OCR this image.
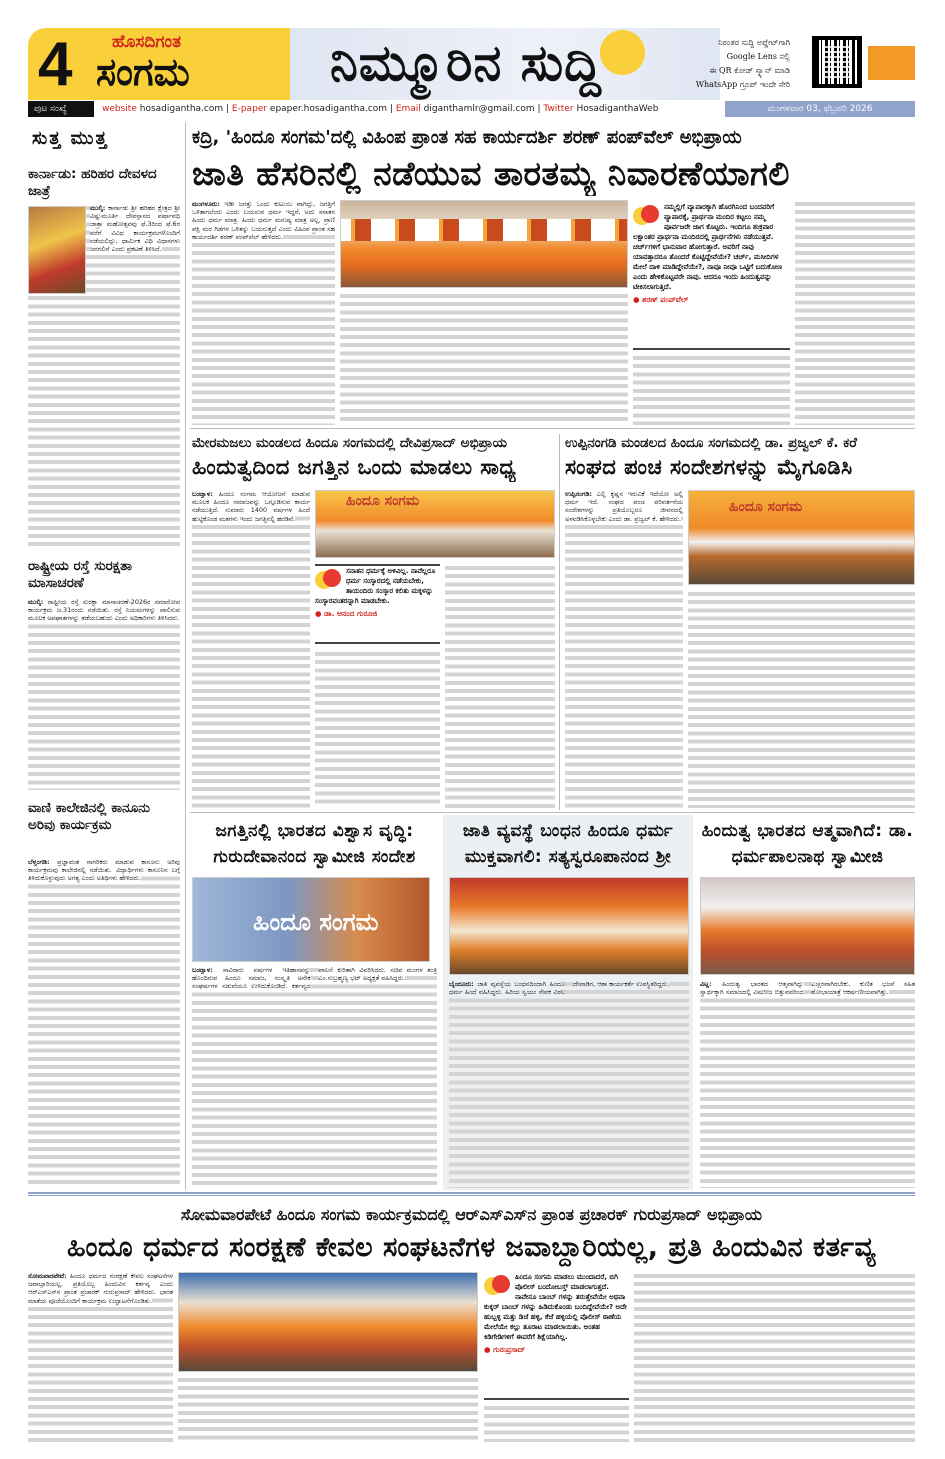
4 ಹೊಸದಿಗಂತ
ಸಂಗಮ	ನಿಮ್ಮೂರಿನ ಸುದ್ದಿ	ನಿರಂತರ ಸುದ್ದಿ ಅಪ್ಡೇಟ್‌ಗಾಗಿ
Google Lens ನಲ್ಲಿ
ಈ QR ಕೋಡ್ ಸ್ಕ್ಯಾನ್ ಮಾಡಿ
WhatsApp ಗ್ರೂಪ್ ಇಂದೇ ಸೇರಿ
ಪುಟ ಸಂಖ್ಯೆ	website hosadigantha.com | E-paper epaper.hosadigantha.com | Email diganthamlr@gmail.com | Twitter HosadiganthaWeb	ಮಂಗಳವಾರ 03, ಫೆಬ್ರವರಿ 2026
ಸುತ್ತ ಮುತ್ತ
ಕಾರ್ನಾಡು: ಹರಿಹರ ದೇವಳದ ಜಾತ್ರೆ
ಮುಲ್ಕಿ: ಕಾರ್ನಾಡು ಶ್ರೀ ಹರಿಹರ ಕ್ಷೇತ್ರದ ಶ್ರೀ ವಿಷ್ಣುಮೂರ್ತಿ ದೇವಸ್ಥಾನದ ವರ್ಷಾವಧಿ ಜಾತ್ರಾ ಮಹೋತ್ಸವವು ಫೆ.3ರಿಂದ ಫೆ.6ರ ವರೆಗೆ ವಿವಿಧ ಕಾರ್ಯಕ್ರಮಗಳೊಂದಿಗೆ ನಡೆಯಲಿದ್ದು, ಧಾರ್ಮಿಕ ವಿಧಿ ವಿಧಾನಗಳು ಜರಗಲಿವೆ ಎಂದು ಪ್ರಕಟಣೆ ತಿಳಿಸಿದೆ.
ರಾಷ್ಟ್ರೀಯ ರಸ್ತೆ ಸುರಕ್ಷತಾ ಮಾಸಾಚರಣೆ
ಮುಲ್ಕಿ: ರಾಷ್ಟ್ರೀಯ ರಸ್ತೆ ಸುರಕ್ಷಾ ಮಾಸಾಚರಣೆ-2026ರ ಸಮಾರೋಪ ಕಾರ್ಯಕ್ರಮ ಜ.31ರಂದು ನಡೆಯಿತು. ರಸ್ತೆ ನಿಯಮಗಳನ್ನು ಪಾಲಿಸುವ ಮೂಲಕ ಅಪಘಾತಗಳನ್ನು ತಡೆಯಬಹುದು ಎಂದು ಅಧಿಕಾರಿಗಳು ತಿಳಿಸಿದರು.
ವಾಣಿ ಕಾಲೇಜಿನಲ್ಲಿ ಕಾನೂನು ಅರಿವು ಕಾರ್ಯಕ್ರಮ
ಬೆಳ್ತಂಗಡಿ: ಪ್ರಜ್ಞಾವಂತ ನಾಗರಿಕರು ಮಾಡುವ ಕಾನೂನು ಅರಿವು ಕಾರ್ಯಕ್ರಮವು ಕಾಲೇಜಿನಲ್ಲಿ ನಡೆಯಿತು. ವಿದ್ಯಾರ್ಥಿಗಳು ಕಾನೂನಿನ ಬಗ್ಗೆ ತಿಳಿದುಕೊಳ್ಳುವುದು ಅಗತ್ಯ ಎಂದು ಅತಿಥಿಗಳು ಹೇಳಿದರು.
ಕದ್ರಿ, 'ಹಿಂದೂ ಸಂಗಮ'ದಲ್ಲಿ ವಿಹಿಂಪ ಪ್ರಾಂತ ಸಹ ಕಾರ್ಯದರ್ಶಿ ಶರಣ್ ಪಂಪ್‌ವೆಲ್ ಅಭಿಪ್ರಾಯ
ಜಾತಿ ಹೆಸರಿನಲ್ಲಿ ನಡೆಯುವ ತಾರತಮ್ಯ ನಿವಾರಣೆಯಾಗಲಿ
ಮಂಗಳೂರು: ಇಡೀ ಜಗತ್ತು ಒಂದು ಕುಟುಂಬ ವಾಗಿದ್ದು, ಜಗತ್ತಿಗೆ ಒಳಿತಾಗಲೆಂದು ಎಂದು ಬಯಸುವ ಧರ್ಮ ಇದ್ದರೆ, ಅದು ಸನಾತನ ಹಿಂದು ಧರ್ಮ ಮಾತ್ರ. ಹಿಂದು ಧರ್ಮ ಮನುಷ್ಯ ಮಾತ್ರ ಅಲ್ಲ, ಪ್ರಾಣಿ ಪಕ್ಷಿ ಮರ ಗಿಡಗಳ ಒಳಿತನ್ನು ಬಯಸುತ್ತದೆ ಎಂದು ವಿಹಿಂಪ ಪ್ರಾಂತ ಸಹ ಕಾರ್ಯದರ್ಶಿ ಶರಣ್ ಪಂಪ್‌ವೆಲ್ ಹೇಳಿದರು.
ನಮ್ಮಲ್ಲಿಗೆ ವ್ಯಾಪಾರಕ್ಕಾಗಿ ಹೊರಗಿನಿಂದ ಬಂದವರಿಗೆ ವ್ಯಾಪಾರಕ್ಕೆ, ಪ್ರಾರ್ಥನಾ ಮಂದಿರ ಕಟ್ಟಲು ನಮ್ಮ ಪೂರ್ವಜರೇ ಜಾಗ ಕೊಟ್ಟರು. ಇಂದಿಗೂ ಶುಕ್ರವಾರ ಲಕ್ಷಾಂತರ ಪ್ರಾರ್ಥನಾ ಮಂದಿರದಲ್ಲಿ ಪ್ರಾರ್ಥನೆಗಳು ನಡೆಯುತ್ತವೆ. ಚರ್ಚ್‌ಗಳಿಗೆ ಭಾನುವಾರ ಹೋಗುತ್ತಾರೆ. ಅವರಿಗೆ ನಾವು ಯಾವತ್ತಾದರೂ ತೊಂದರೆ ಕೊಟ್ಟಿದ್ದೇವೆಯೇ? ಚರ್ಚ್, ಮಸೀದಿಗಳ ಮೇಲೆ ದಾಳಿ ಮಾಡಿದ್ದೇವೆಯೇ?, ನಾವೂ ನೀವೂ ಒಟ್ಟಿಗೆ ಬದುಕೋಣ ಎಂದು ಹೇಳಿಕೊಟ್ಟವರೇ ನಾವು. ಆದರೂ ಇಂದು ಹಿಂದುತ್ವವನ್ನು ಟೀಕಿಸಲಾಗುತ್ತಿದೆ.
● ಶರಣ್ ಪಂಪ್‌ವೆಲ್
ಮೇರಮಜಲು ಮಂಡಲದ ಹಿಂದೂ ಸಂಗಮದಲ್ಲಿ ದೇವಿಪ್ರಸಾದ್ ಅಭಿಪ್ರಾಯ
ಹಿಂದುತ್ವದಿಂದ ಜಗತ್ತಿನ ಒಂದು ಮಾಡಲು ಸಾಧ್ಯ
ಬಂಟ್ವಾಳ: ಹಿಂದೂ ಸಂಗಮ ಆಯೋಜನೆ ಮಾಡುವ ಮೂಲಕ ಹಿಂದೂ ಸಮಾಜವನ್ನು ಒಗ್ಗೂಡಿಸುವ ಕಾರ್ಯ ನಡೆಯುತ್ತಿದೆ. ಸುಮಾರು 1400 ವರ್ಷಗಳ ಹಿಂದೆ ಹುಟ್ಟಿಕೊಂಡ ಮತಗಳು ಇಂದು ಜಗತ್ತಿನಲ್ಲಿ ಹರಡಿವೆ.
ಹಿಂದೂ ಸಂಗಮ
ಸನಾತನ ಧರ್ಮಕ್ಕೆ ಅಳಿವಿಲ್ಲ. ನಾವೆಲ್ಲರೂ ಧರ್ಮ ಸಂಸ್ಕಾರದಲ್ಲಿ ನಡೆಯಬೇಕು, ತಾಯಂದಿರು ಸಂಸ್ಕಾರ ಕಲಿತು ಮಕ್ಕಳನ್ನು ಸಂಸ್ಕಾರವಂತರನ್ನಾಗಿ ಮಾಡಬೇಕು.
● ಡಾ. ಆನಂದ ಗುರೂಜಿ
ಉಪ್ಪಿನಂಗಡಿ ಮಂಡಲದ ಹಿಂದೂ ಸಂಗಮದಲ್ಲಿ ಡಾ. ಪ್ರಜ್ವಲ್ ಕೆ. ಕರೆ
ಸಂಘದ ಪಂಚ ಸಂದೇಶಗಳನ್ನು ಮೈಗೂಡಿಸಿ
ಉಪ್ಪಿನಂಗಡಿ: ಎಲ್ಲಿ ಕೃಷ್ಣನ ಇರುವಿಕೆ ಇದೆಯೋ ಅಲ್ಲಿ ಧರ್ಮ ಇದೆ. ಸಂಘದ ಪಂಚ ಪರಿವರ್ತನೆಯ ಸಂದೇಶಗಳನ್ನು ಪ್ರತಿಯೊಬ್ಬರೂ ಜೀವನದಲ್ಲಿ ಅಳವಡಿಸಿಕೊಳ್ಳಬೇಕು ಎಂದು ಡಾ. ಪ್ರಜ್ವಲ್ ಕೆ. ಹೇಳಿದರು.
ಹಿಂದೂ ಸಂಗಮ
ಜಗತ್ತಿನಲ್ಲಿ ಭಾರತದ ವಿಶ್ವಾಸ ವೃದ್ಧಿ: ಗುರುದೇವಾನಂದ ಸ್ವಾಮೀಜಿ ಸಂದೇಶ
ಹಿಂದೂ ಸಂಗಮ
ಬಂಟ್ವಾಳ: ಸಾವಿರಾರು ವರ್ಷಗಳ ಇತಿಹಾಸವನ್ನು ಹೊಂದಿರುವ ಹಿಂದೂ ಸಮಾಜ, ಸಂಸ್ಕೃತಿ ಅನೇಕ ಸಂಘರ್ಷಗಳ ನಡುವೆಯೂ ಉಳಿದುಕೊಂಡಿದೆ. ಕರ್ತವ್ಯದ ಪಾಲನೆ ಕುರಿತಾಗಿ ವಿವರಿಸಿದರು. ಸಚಿವ ಮಂಗಳ ತಂತ್ರಿ ಎಂ.ಸುಬ್ರಹ್ಮಣ್ಯ ಭಟ್ ಅಧ್ಯಕ್ಷತೆ ವಹಿಸಿದ್ದರು.
ಜಾತಿ ವ್ಯವಸ್ಥೆ ಬಂಧನ ಹಿಂದೂ ಧರ್ಮ ಮುಕ್ತವಾಗಲಿ: ಸತ್ಯಸ್ವರೂಪಾನಂದ ಶ್ರೀ
ಬೈಂದೂರು: ಜಾತಿ ವ್ಯವಸ್ಥೆಯ ಬಂಧನದಿಂದಾಗಿ ಹಿಂದೂ ಧರ್ಮ ಹಿಂದೆ ವಹಿಸಿದ್ದರು. ಹಿರಿಯ ಸ್ವಯಂ ಸೇವಕ ವಿಠಲ ದೇವಾಡಿಗ, ಆಶಾ ಕಾರ್ಯಕರ್ತೆ ಉಪಸ್ಥಿತರಿದ್ದರು.
ಹಿಂದುತ್ವ ಭಾರತದ ಆತ್ಮವಾಗಿದೆ: ಡಾ. ಧರ್ಮಪಾಲನಾಥ ಸ್ವಾಮೀಜಿ
ವಿಟ್ಲ: ಹಿಂದುತ್ವ ಭಾರತದ ಆತ್ಮವಾಗಿದ್ದು ಸ್ವಾರ್ಥಕ್ಕಾಗಿ ಸಮಾಜದಲ್ಲಿ ವಿಷಬೀಜ ಬಿತ್ತುವವರಿಂದ ಎಚ್ಚರವಾಗಿರಬೇಕು. ಕುಣಿತ ಭಜನೆ ಸಹಿತ ಶೋಭಾಯಾತ್ರೆ ಆಕರ್ಷಣೀಯವಾಗಿತ್ತು.
ಸೋಮವಾರಪೇಟೆ ಹಿಂದೂ ಸಂಗಮ ಕಾರ್ಯಕ್ರಮದಲ್ಲಿ ಆರ್‌ಎಸ್‌ಎಸ್‌ನ ಪ್ರಾಂತ ಪ್ರಚಾರಕ್ ಗುರುಪ್ರಸಾದ್ ಅಭಿಪ್ರಾಯ
ಹಿಂದೂ ಧರ್ಮದ ಸಂರಕ್ಷಣೆ ಕೇವಲ ಸಂಘಟನೆಗಳ ಜವಾಬ್ದಾರಿಯಲ್ಲ, ಪ್ರತಿ ಹಿಂದುವಿನ ಕರ್ತವ್ಯ
ಸೋಮವಾರಪೇಟೆ: ಹಿಂದೂ ಧರ್ಮದ ಸಂರಕ್ಷಣೆ ಕೇವಲ ಸಂಘಟನೆಗಳ ಜವಾಬ್ದಾರಿಯಲ್ಲ, ಪ್ರತಿಯೊಬ್ಬ ಹಿಂದುವಿನ ಕರ್ತವ್ಯ ಎಂದು ಆರ್‌ಎಸ್‌ಎಸ್‌ನ ಪ್ರಾಂತ ಪ್ರಚಾರಕ್ ಗುರುಪ್ರಸಾದ್ ಹೇಳಿದರು. ಭಾರತ ಮಾತೆಯ ಪೂಜೆಯೊಂದಿಗೆ ಕಾರ್ಯಕ್ರಮ ಉದ್ಘಾಟನೆಗೊಂಡಿತು.
ಹಿಂದೂ ಸಂಗಮ ಮಾಡಲು ಮುಂದಾದರೆ, ಬಿಗಿ ಪೊಲೀಸ್ ಬಂದೋಬಸ್ತ್ ಮಾಡಲಾಗುತ್ತದೆ. ನಾವೇನೂ ಬಾಂಬ್ ಗಳನ್ನು ತರುತ್ತೇವೆಯೇ ಅಥವಾ ಕುಕ್ಕರ್ ಬಾಂಬ್ ಗಳನ್ನು ಹಿಡಿದುಕೊಂಡು ಬಂದಿದ್ದೇವೆಯೇ? ಅದೇ ಹುಬ್ಬಳ್ಳಿ ಮತ್ತು ಡಿಜೆ ಹಳ್ಳಿ, ಕೆಜೆ ಹಳ್ಳಿಯಲ್ಲಿ ಪೊಲೀಸ್ ಠಾಣೆಯ ಮೇಲೆಯೇ ಕಲ್ಲು ತೂರಾಟ ಮಾಡಲಾಯಿತು. ಅಂತಹ ಕಿಡಿಗೇಡಿಗಳಿಗೆ ಈವರೆಗೆ ಶಿಕ್ಷೆಯಾಗಿಲ್ಲ.
● ಗುರುಪ್ರಸಾದ್
